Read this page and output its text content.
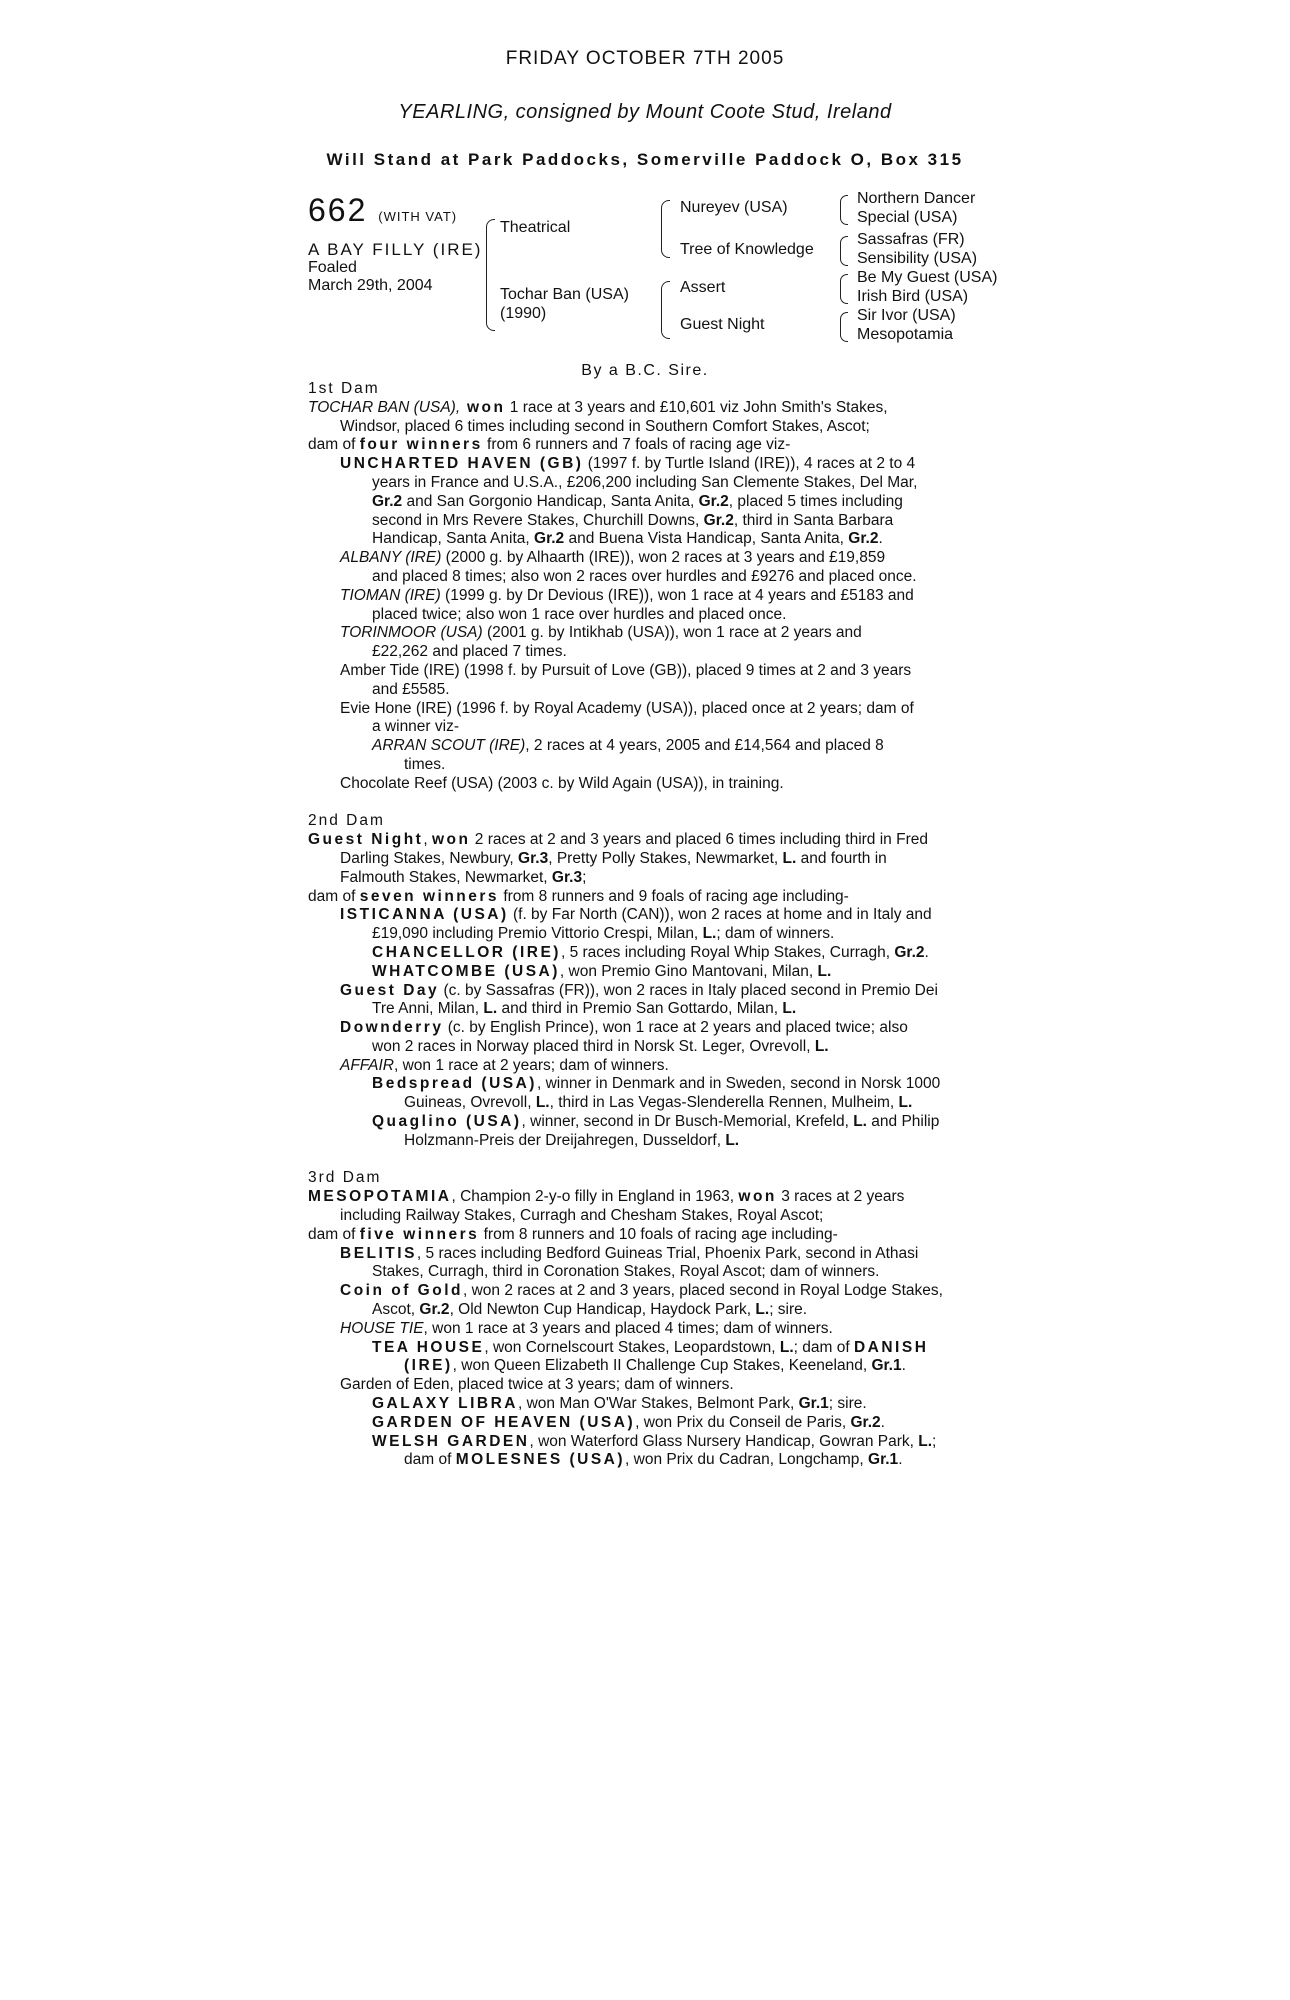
FRIDAY OCTOBER 7TH 2005
YEARLING, consigned by Mount Coote Stud, Ireland
Will Stand at Park Paddocks, Somerville Paddock O, Box 315
662 (WITH VAT)
A BAY FILLY (IRE)
Foaled
March 29th, 2004
Theatrical
Tochar Ban (USA)
(1990)
Nureyev (USA)
Tree of Knowledge
Assert
Guest Night
Northern Dancer
Special (USA)
Sassafras (FR)
Sensibility (USA)
Be My Guest (USA)
Irish Bird (USA)
Sir Ivor (USA)
Mesopotamia
By a B.C. Sire.
1st Dam
TOCHAR BAN (USA), won 1 race at 3 years and £10,601 viz John Smith's Stakes,
Windsor, placed 6 times including second in Southern Comfort Stakes, Ascot;
dam of four winners from 6 runners and 7 foals of racing age viz-
UNCHARTED HAVEN (GB) (1997 f. by Turtle Island (IRE)), 4 races at 2 to 4
years in France and U.S.A., £206,200 including San Clemente Stakes, Del Mar,
Gr.2 and San Gorgonio Handicap, Santa Anita, Gr.2, placed 5 times including
second in Mrs Revere Stakes, Churchill Downs, Gr.2, third in Santa Barbara
Handicap, Santa Anita, Gr.2 and Buena Vista Handicap, Santa Anita, Gr.2.
ALBANY (IRE) (2000 g. by Alhaarth (IRE)), won 2 races at 3 years and £19,859
and placed 8 times; also won 2 races over hurdles and £9276 and placed once.
TIOMAN (IRE) (1999 g. by Dr Devious (IRE)), won 1 race at 4 years and £5183 and
placed twice; also won 1 race over hurdles and placed once.
TORINMOOR (USA) (2001 g. by Intikhab (USA)), won 1 race at 2 years and
£22,262 and placed 7 times.
Amber Tide (IRE) (1998 f. by Pursuit of Love (GB)), placed 9 times at 2 and 3 years
and £5585.
Evie Hone (IRE) (1996 f. by Royal Academy (USA)), placed once at 2 years; dam of
a winner viz-
ARRAN SCOUT (IRE), 2 races at 4 years, 2005 and £14,564 and placed 8
times.
Chocolate Reef (USA) (2003 c. by Wild Again (USA)), in training.
2nd Dam
Guest Night, won 2 races at 2 and 3 years and placed 6 times including third in Fred
Darling Stakes, Newbury, Gr.3, Pretty Polly Stakes, Newmarket, L. and fourth in
Falmouth Stakes, Newmarket, Gr.3;
dam of seven winners from 8 runners and 9 foals of racing age including-
ISTICANNA (USA) (f. by Far North (CAN)), won 2 races at home and in Italy and
£19,090 including Premio Vittorio Crespi, Milan, L.; dam of winners.
CHANCELLOR (IRE), 5 races including Royal Whip Stakes, Curragh, Gr.2.
WHATCOMBE (USA), won Premio Gino Mantovani, Milan, L.
Guest Day (c. by Sassafras (FR)), won 2 races in Italy placed second in Premio Dei
Tre Anni, Milan, L. and third in Premio San Gottardo, Milan, L.
Downderry (c. by English Prince), won 1 race at 2 years and placed twice; also
won 2 races in Norway placed third in Norsk St. Leger, Ovrevoll, L.
AFFAIR, won 1 race at 2 years; dam of winners.
Bedspread (USA), winner in Denmark and in Sweden, second in Norsk 1000
Guineas, Ovrevoll, L., third in Las Vegas-Slenderella Rennen, Mulheim, L.
Quaglino (USA), winner, second in Dr Busch-Memorial, Krefeld, L. and Philip
Holzmann-Preis der Dreijahregen, Dusseldorf, L.
3rd Dam
MESOPOTAMIA, Champion 2-y-o filly in England in 1963, won 3 races at 2 years
including Railway Stakes, Curragh and Chesham Stakes, Royal Ascot;
dam of five winners from 8 runners and 10 foals of racing age including-
BELITIS, 5 races including Bedford Guineas Trial, Phoenix Park, second in Athasi
Stakes, Curragh, third in Coronation Stakes, Royal Ascot; dam of winners.
Coin of Gold, won 2 races at 2 and 3 years, placed second in Royal Lodge Stakes,
Ascot, Gr.2, Old Newton Cup Handicap, Haydock Park, L.; sire.
HOUSE TIE, won 1 race at 3 years and placed 4 times; dam of winners.
TEA HOUSE, won Cornelscourt Stakes, Leopardstown, L.; dam of DANISH
(IRE), won Queen Elizabeth II Challenge Cup Stakes, Keeneland, Gr.1.
Garden of Eden, placed twice at 3 years; dam of winners.
GALAXY LIBRA, won Man O'War Stakes, Belmont Park, Gr.1; sire.
GARDEN OF HEAVEN (USA), won Prix du Conseil de Paris, Gr.2.
WELSH GARDEN, won Waterford Glass Nursery Handicap, Gowran Park, L.;
dam of MOLESNES (USA), won Prix du Cadran, Longchamp, Gr.1.
